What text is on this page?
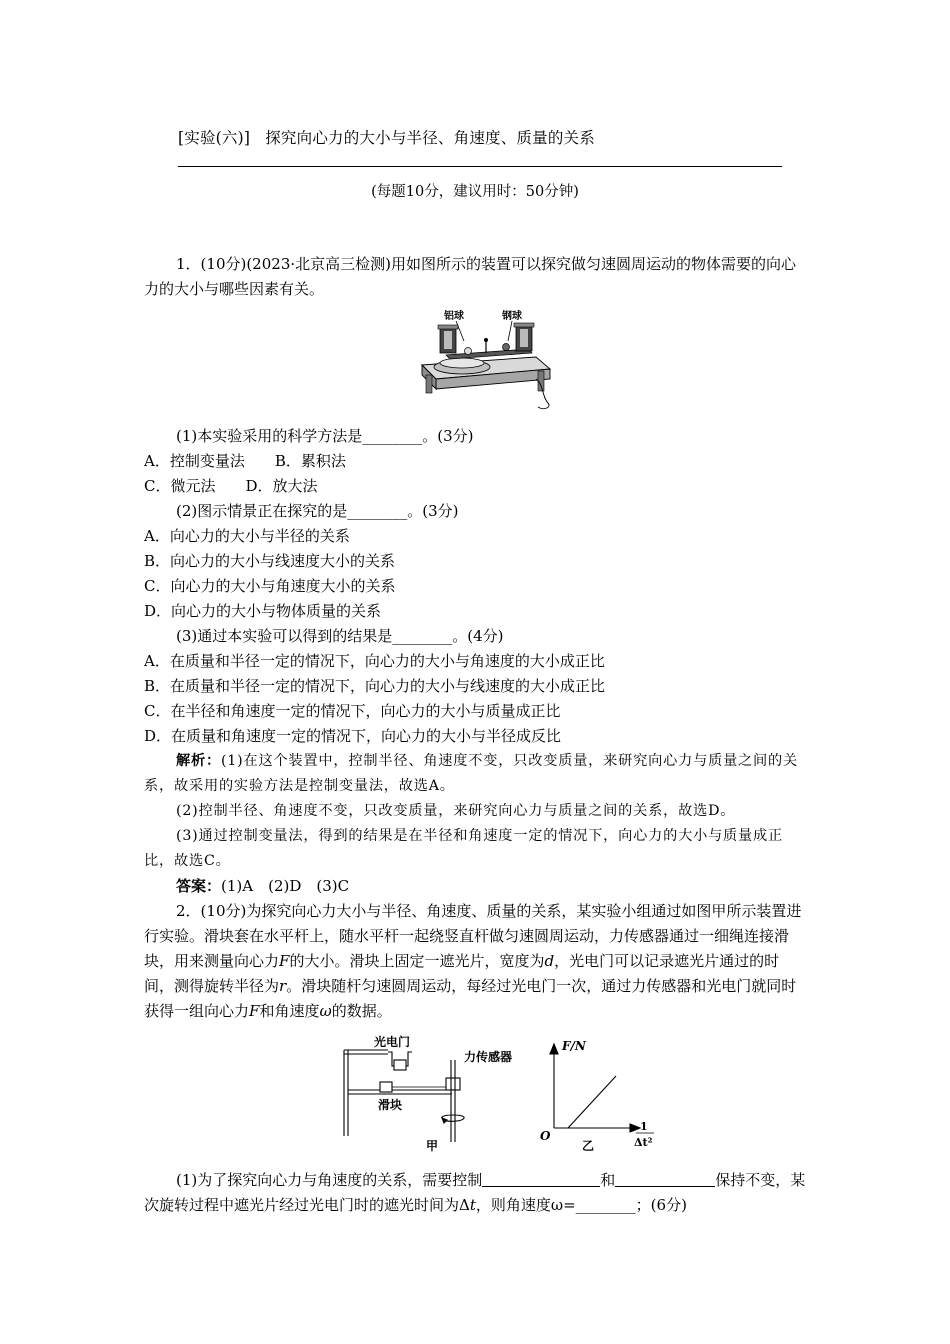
[实验(六)] 探究向心力的大小与半径、角速度、质量的关系
(每题10分，建议用时：50分钟)

1．(10分)(2023·北京高三检测)用如图所示的装置可以探究做匀速圆周运动的物体需要的向心力的大小与哪些因素有关。

铝球	钢球

(1)本实验采用的科学方法是________。(3分)

A．控制变量法　　B．累积法

C．微元法　　D．放大法

(2)图示情景正在探究的是________。(3分)

A．向心力的大小与半径的关系

B．向心力的大小与线速度大小的关系

C．向心力的大小与角速度大小的关系

D．向心力的大小与物体质量的关系

(3)通过本实验可以得到的结果是________。(4分)

A．在质量和半径一定的情况下，向心力的大小与角速度的大小成正比

B．在质量和半径一定的情况下，向心力的大小与线速度的大小成正比

C．在半径和角速度一定的情况下，向心力的大小与质量成正比

D．在质量和角速度一定的情况下，向心力的大小与半径成反比

解析：(1)在这个装置中，控制半径、角速度不变，只改变质量，来研究向心力与质量之间的关系，故采用的实验方法是控制变量法，故选A。

(2)控制半径、角速度不变，只改变质量，来研究向心力与质量之间的关系，故选D。

(3)通过控制变量法，得到的结果是在半径和角速度一定的情况下，向心力的大小与质量成正比，故选C。

答案：(1)A　(2)D　(3)C

2．(10分)为探究向心力大小与半径、角速度、质量的关系，某实验小组通过如图甲所示装置进行实验。滑块套在水平杆上，随水平杆一起绕竖直杆做匀速圆周运动，力传感器通过一细绳连接滑块，用来测量向心力F的大小。滑块上固定一遮光片，宽度为d，光电门可以记录遮光片通过的时间，测得旋转半径为r。滑块随杆匀速圆周运动，每经过光电门一次，通过力传感器和光电门就同时获得一组向心力F和角速度ω的数据。

光电门
力传感器
滑块
甲
F/N
O
1
Δt²
乙

(1)为了探究向心力与角速度的关系，需要控制	和	保持不变，某次旋转过程中遮光片经过光电门时的遮光时间为Δt，则角速度ω=________；(6分)
